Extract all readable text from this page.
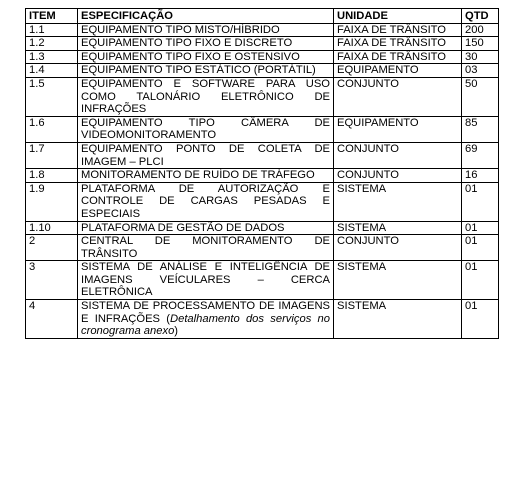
ITEM	ESPECIFICAÇÃO	UNIDADE	QTD
1.1	EQUIPAMENTO TIPO MISTO/HÍBRIDO	FAIXA DE TRÂNSITO	200
1.2	EQUIPAMENTO TIPO FIXO E DISCRETO	FAIXA DE TRÂNSITO	150
1.3	EQUIPAMENTO TIPO FIXO E OSTENSIVO	FAIXA DE TRÂNSITO	30
1.4	EQUIPAMENTO TIPO ESTÁTICO (PORTÁTIL)	EQUIPAMENTO	03
1.5	EQUIPAMENTO E SOFTWARE PARA USO COMO TALONÁRIO ELETRÔNICO DE INFRAÇÕES	CONJUNTO	50
1.6	EQUIPAMENTO TIPO CÂMERA DE VIDEOMONITORAMENTO	EQUIPAMENTO	85
1.7	EQUIPAMENTO PONTO DE COLETA DE IMAGEM – PLCI	CONJUNTO	69
1.8	MONITORAMENTO DE RUÍDO DE TRÁFEGO	CONJUNTO	16
1.9	PLATAFORMA DE AUTORIZAÇÃO E CONTROLE DE CARGAS PESADAS E ESPECIAIS	SISTEMA	01
1.10	PLATAFORMA DE GESTÃO DE DADOS	SISTEMA	01
2	CENTRAL DE MONITORAMENTO DE TRÂNSITO	CONJUNTO	01
3	SISTEMA DE ANÁLISE E INTELIGÊNCIA DE IMAGENS VEÍCULARES – CERCA ELETRÔNICA	SISTEMA	01
4	SISTEMA DE PROCESSAMENTO DE IMAGENS E INFRAÇÕES (Detalhamento dos serviços no cronograma anexo)	SISTEMA	01
